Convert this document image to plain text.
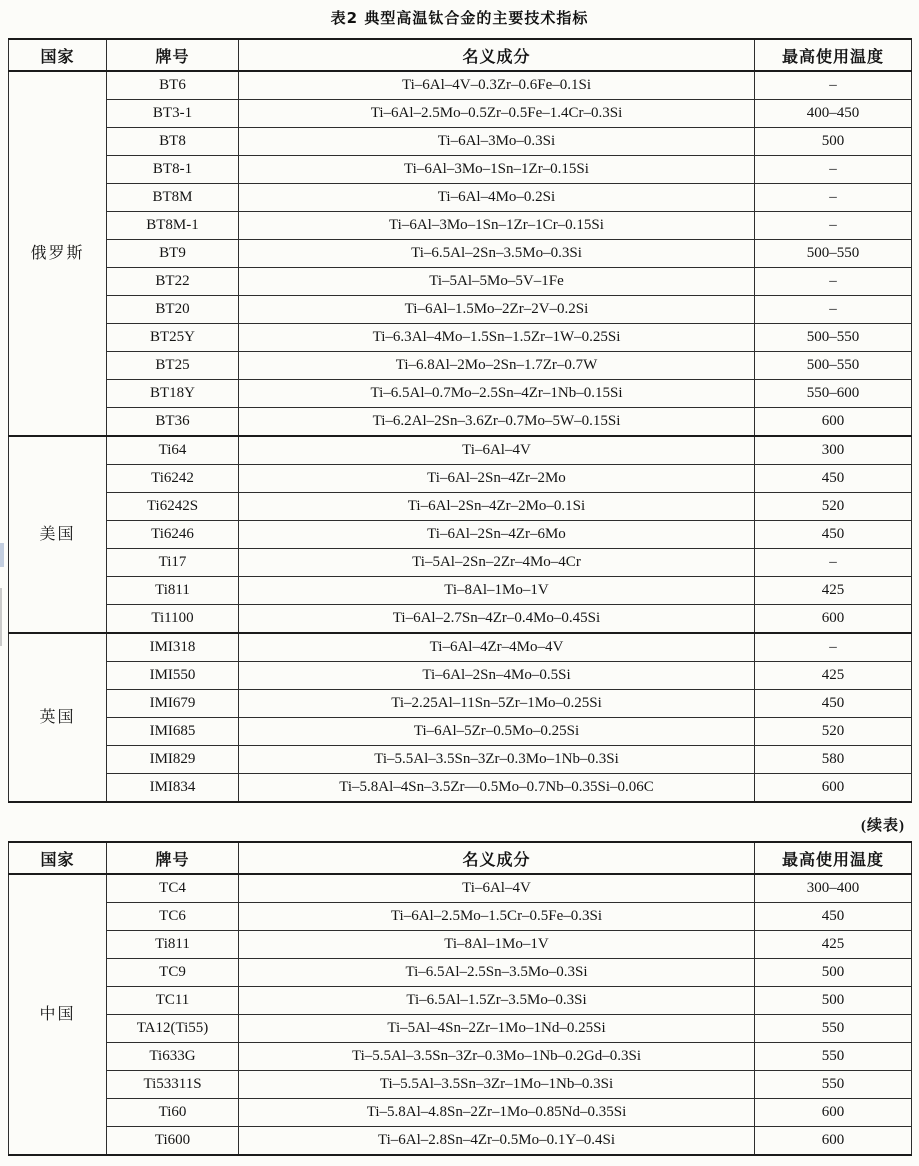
表2 典型高温钛合金的主要技术指标
国家	牌号	名义成分	最高使用温度
俄罗斯	BT6	Ti–6Al–4V–0.3Zr–0.6Fe–0.1Si	–
	BT3-1	Ti–6Al–2.5Mo–0.5Zr–0.5Fe–1.4Cr–0.3Si	400–450
	BT8	Ti–6Al–3Mo–0.3Si	500
	BT8-1	Ti–6Al–3Mo–1Sn–1Zr–0.15Si	–
	BT8M	Ti–6Al–4Mo–0.2Si	–
	BT8M-1	Ti–6Al–3Mo–1Sn–1Zr–1Cr–0.15Si	–
	BT9	Ti–6.5Al–2Sn–3.5Mo–0.3Si	500–550
	BT22	Ti–5Al–5Mo–5V–1Fe	–
	BT20	Ti–6Al–1.5Mo–2Zr–2V–0.2Si	–
	BT25Y	Ti–6.3Al–4Mo–1.5Sn–1.5Zr–1W–0.25Si	500–550
	BT25	Ti–6.8Al–2Mo–2Sn–1.7Zr–0.7W	500–550
	BT18Y	Ti–6.5Al–0.7Mo–2.5Sn–4Zr–1Nb–0.15Si	550–600
	BT36	Ti–6.2Al–2Sn–3.6Zr–0.7Mo–5W–0.15Si	600
美国	Ti64	Ti–6Al–4V	300
	Ti6242	Ti–6Al–2Sn–4Zr–2Mo	450
	Ti6242S	Ti–6Al–2Sn–4Zr–2Mo–0.1Si	520
	Ti6246	Ti–6Al–2Sn–4Zr–6Mo	450
	Ti17	Ti–5Al–2Sn–2Zr–4Mo–4Cr	–
	Ti811	Ti–8Al–1Mo–1V	425
	Ti1100	Ti–6Al–2.7Sn–4Zr–0.4Mo–0.45Si	600
英国	IMI318	Ti–6Al–4Zr–4Mo–4V	–
	IMI550	Ti–6Al–2Sn–4Mo–0.5Si	425
	IMI679	Ti–2.25Al–11Sn–5Zr–1Mo–0.25Si	450
	IMI685	Ti–6Al–5Zr–0.5Mo–0.25Si	520
	IMI829	Ti–5.5Al–3.5Sn–3Zr–0.3Mo–1Nb–0.3Si	580
	IMI834	Ti–5.8Al–4Sn–3.5Zr––0.5Mo–0.7Nb–0.35Si–0.06C	600
(续表)
国家	牌号	名义成分	最高使用温度
中国	TC4	Ti–6Al–4V	300–400
	TC6	Ti–6Al–2.5Mo–1.5Cr–0.5Fe–0.3Si	450
	Ti811	Ti–8Al–1Mo–1V	425
	TC9	Ti–6.5Al–2.5Sn–3.5Mo–0.3Si	500
	TC11	Ti–6.5Al–1.5Zr–3.5Mo–0.3Si	500
	TA12(Ti55)	Ti–5Al–4Sn–2Zr–1Mo–1Nd–0.25Si	550
	Ti633G	Ti–5.5Al–3.5Sn–3Zr–0.3Mo–1Nb–0.2Gd–0.3Si	550
	Ti53311S	Ti–5.5Al–3.5Sn–3Zr–1Mo–1Nb–0.3Si	550
	Ti60	Ti–5.8Al–4.8Sn–2Zr–1Mo–0.85Nd–0.35Si	600
	Ti600	Ti–6Al–2.8Sn–4Zr–0.5Mo–0.1Y–0.4Si	600
